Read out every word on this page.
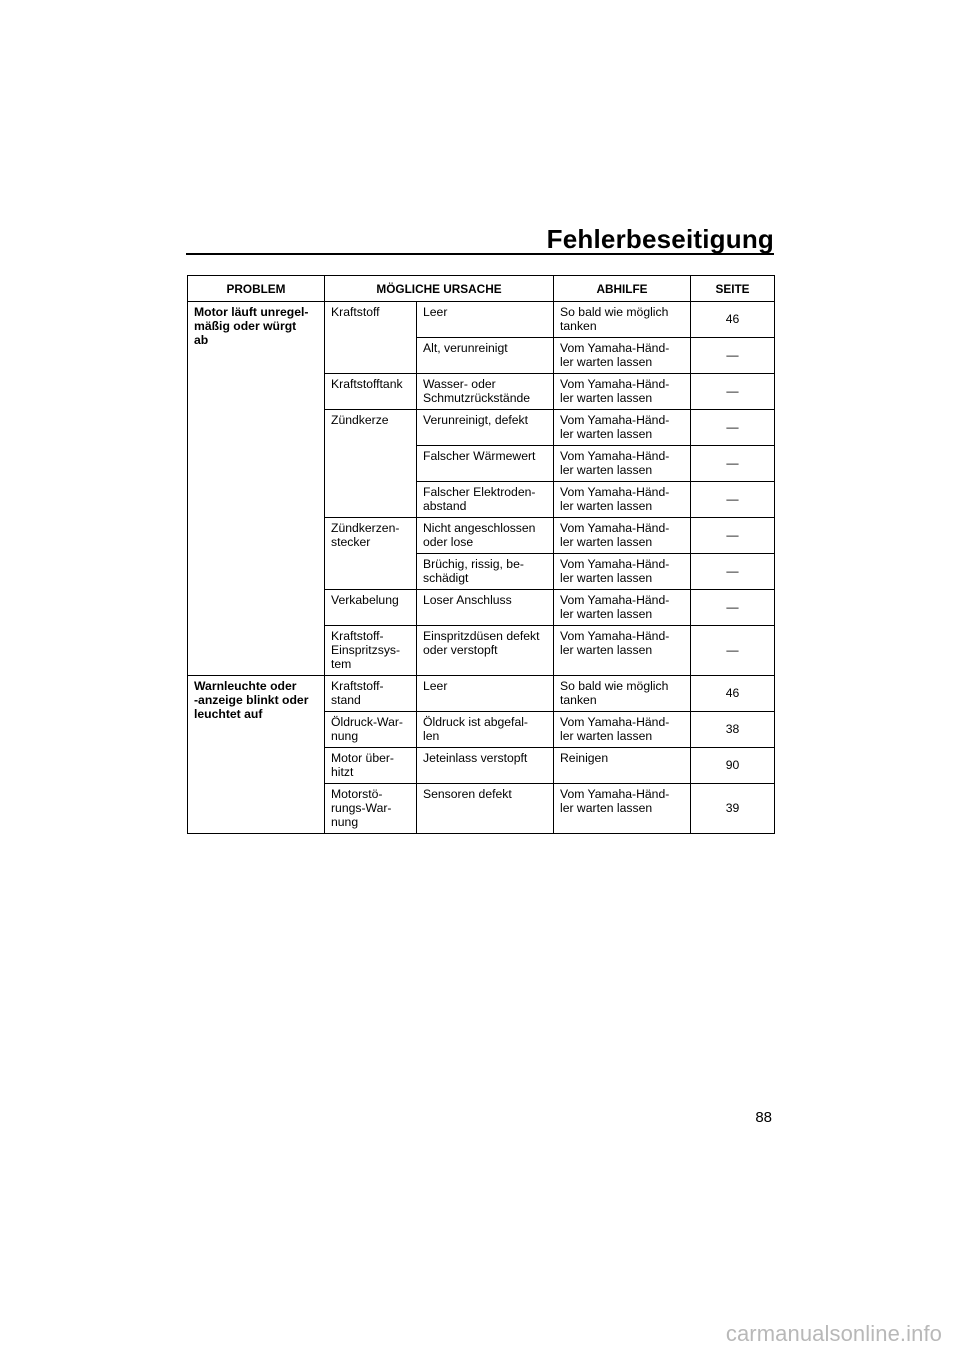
Fehlerbeseitigung
PROBLEM	MÖGLICHE URSACHE		ABHILFE	SEITE
Motor läuft unregel-
mäßig oder würgt
ab	Kraftstoff	Leer	So bald wie möglich
tanken	46
		Alt, verunreinigt	Vom Yamaha-Händ-
ler warten lassen	—
	Kraftstofftank	Wasser- oder
Schmutzrückstände	Vom Yamaha-Händ-
ler warten lassen	—
	Zündkerze	Verunreinigt, defekt	Vom Yamaha-Händ-
ler warten lassen	—
		Falscher Wärmewert	Vom Yamaha-Händ-
ler warten lassen	—
		Falscher Elektroden-
abstand	Vom Yamaha-Händ-
ler warten lassen	—
	Zündkerzen-
stecker	Nicht angeschlossen
oder lose	Vom Yamaha-Händ-
ler warten lassen	—
		Brüchig, rissig, be-
schädigt	Vom Yamaha-Händ-
ler warten lassen	—
	Verkabelung	Loser Anschluss	Vom Yamaha-Händ-
ler warten lassen	—
	Kraftstoff-
Einspritzsys-
tem	Einspritzdüsen defekt
oder verstopft	Vom Yamaha-Händ-
ler warten lassen	—
Warnleuchte oder
-anzeige blinkt oder
leuchtet auf	Kraftstoff-
stand	Leer	So bald wie möglich
tanken	46
	Öldruck-War-
nung	Öldruck ist abgefal-
len	Vom Yamaha-Händ-
ler warten lassen	38
	Motor über-
hitzt	Jeteinlass verstopft	Reinigen	90
	Motorstö-
rungs-War-
nung	Sensoren defekt	Vom Yamaha-Händ-
ler warten lassen	39
88
carmanualsonline.info
